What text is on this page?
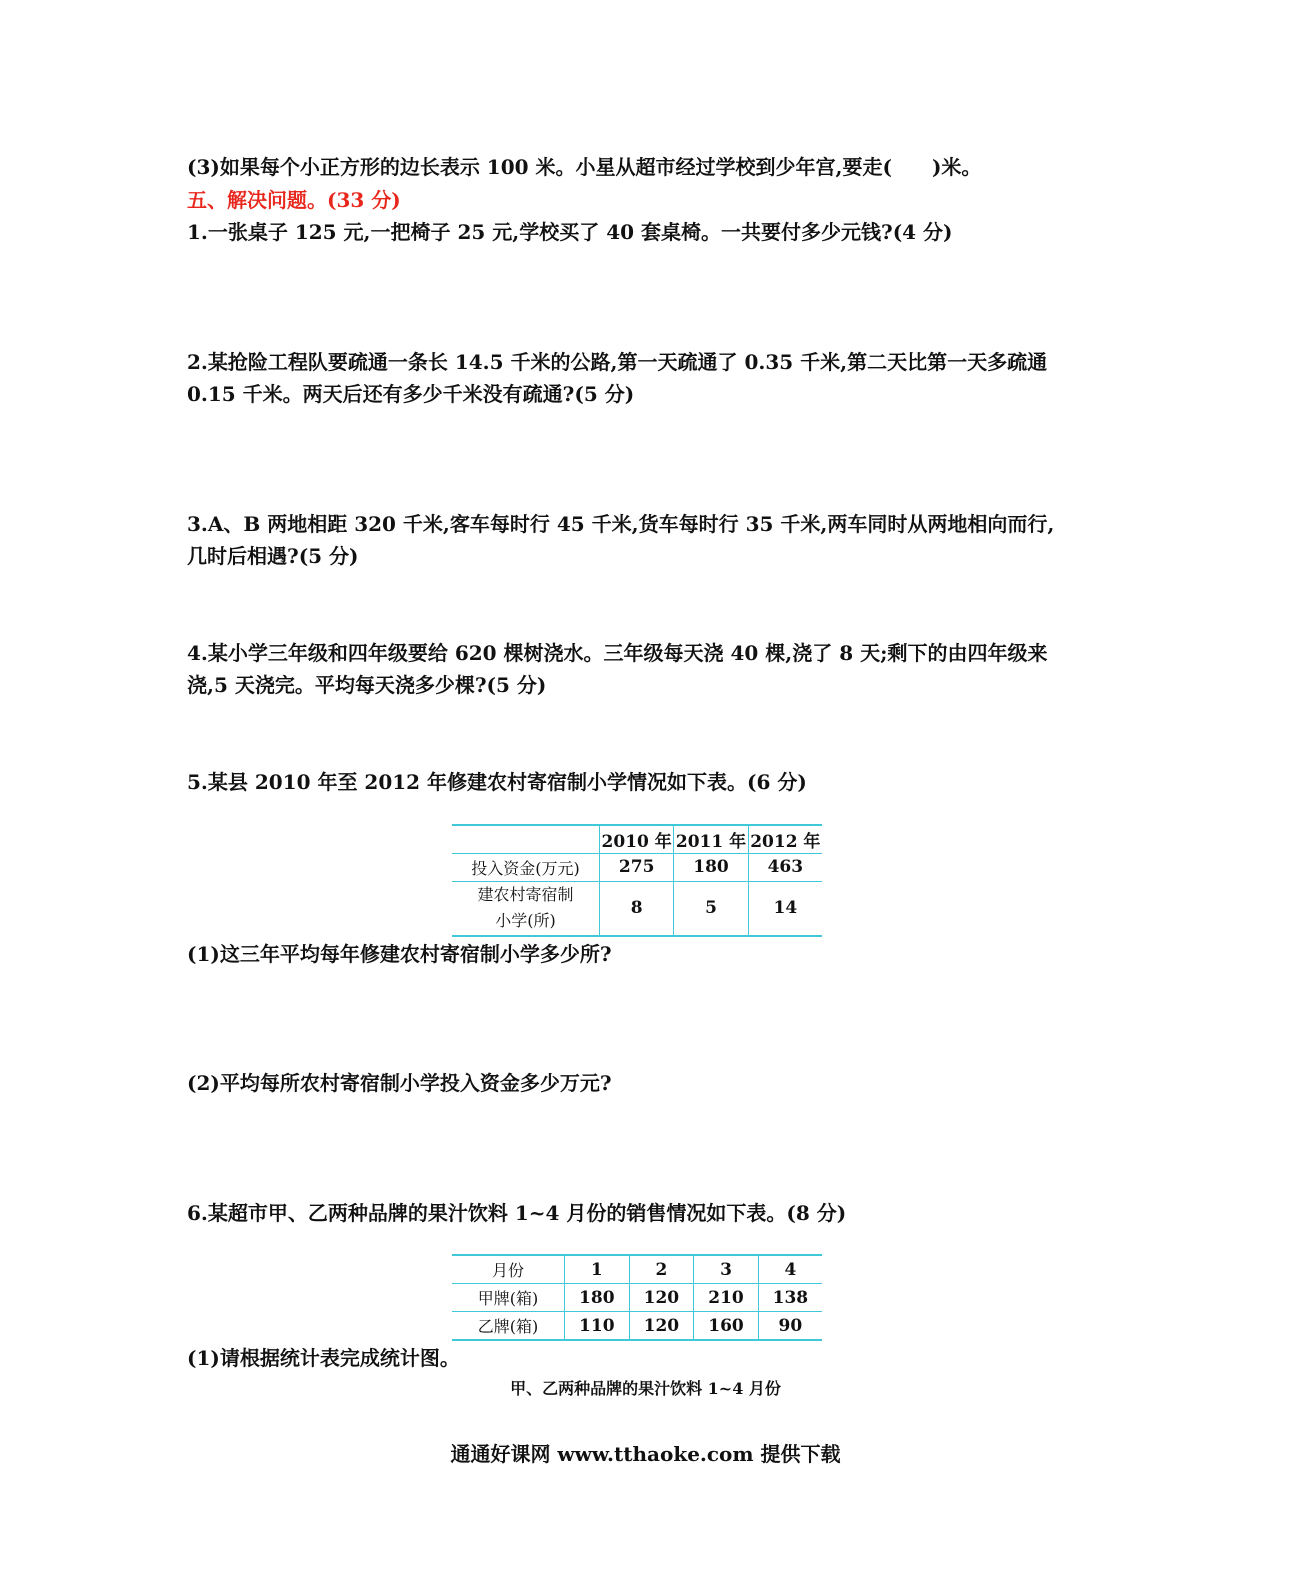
(3)如果每个小正方形的边长表示 100 米。小星从超市经过学校到少年宫,要走(　　)米。
五、解决问题。(33 分)
1.一张桌子 125 元,一把椅子 25 元,学校买了 40 套桌椅。一共要付多少元钱?(4 分)
2.某抢险工程队要疏通一条长 14.5 千米的公路,第一天疏通了 0.35 千米,第二天比第一天多疏通
0.15 千米。两天后还有多少千米没有疏通?(5 分)
3.A、B 两地相距 320 千米,客车每时行 45 千米,货车每时行 35 千米,两车同时从两地相向而行,
几时后相遇?(5 分)
4.某小学三年级和四年级要给 620 棵树浇水。三年级每天浇 40 棵,浇了 8 天;剩下的由四年级来
浇,5 天浇完。平均每天浇多少棵?(5 分)
5.某县 2010 年至 2012 年修建农村寄宿制小学情况如下表。(6 分)
	2010 年	2011 年	2012 年
投入资金(万元)	275	180	463

建农村寄宿制
小学(所)	8	5	14
(1)这三年平均每年修建农村寄宿制小学多少所?
(2)平均每所农村寄宿制小学投入资金多少万元?
6.某超市甲、乙两种品牌的果汁饮料 1~4 月份的销售情况如下表。(8 分)
月份	1	2	3	4
甲牌(箱)	180	120	210	138
乙牌(箱)	110	120	160	90
(1)请根据统计表完成统计图。
甲、乙两种品牌的果汁饮料 1~4 月份
通通好课网 www.tthaoke.com 提供下载
